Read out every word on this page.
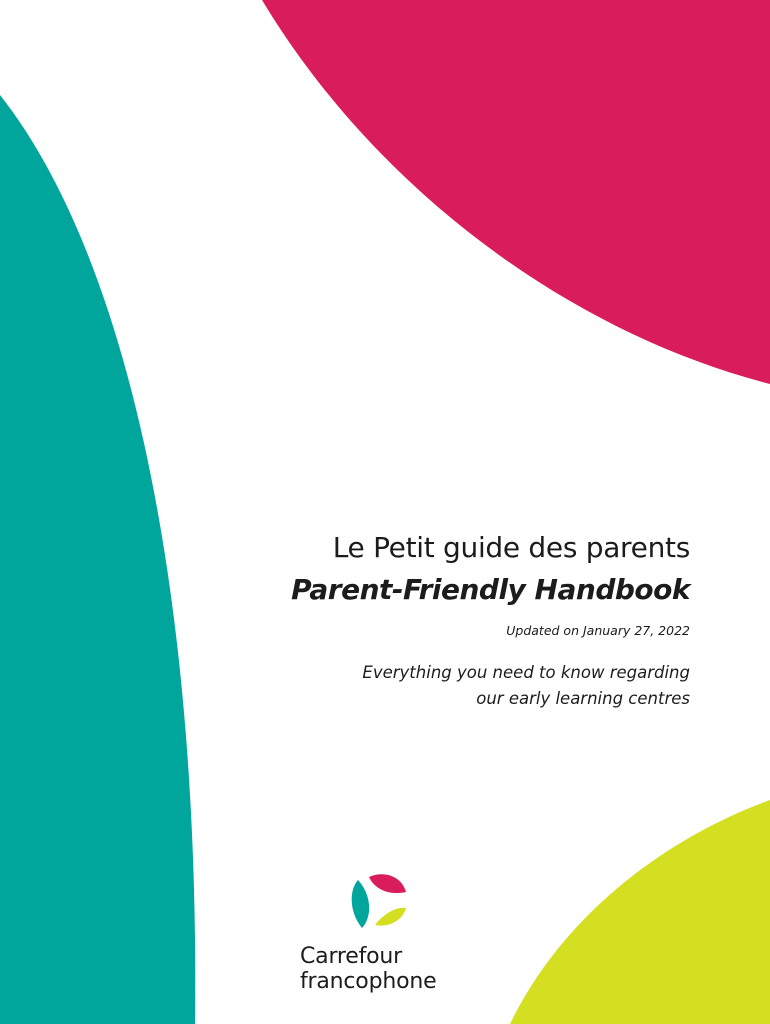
Le Petit guide des parents
Parent-Friendly Handbook
Updated on January 27, 2022
Everything you need to know regarding
our early learning centres
Carrefour
francophone
